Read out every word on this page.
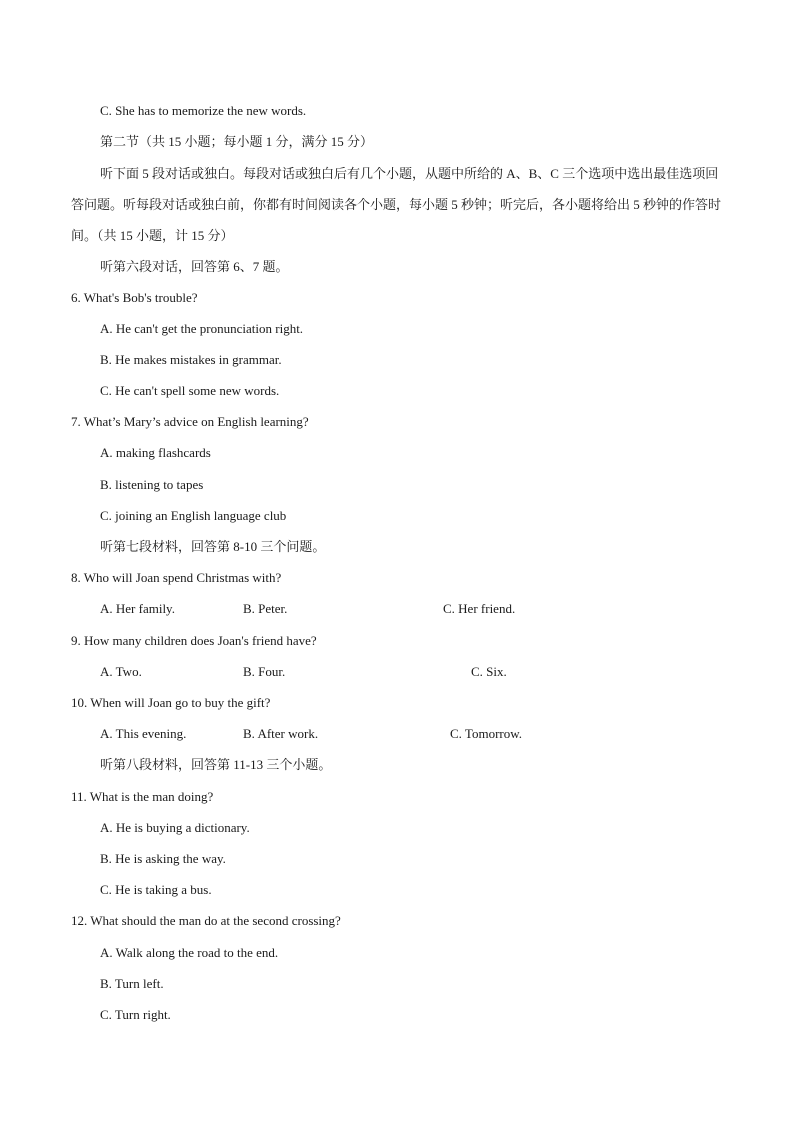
C. She has to memorize the new words.
第二节（共 15 小题；每小题 1 分，满分 15 分）
听下面 5 段对话或独白。每段对话或独白后有几个小题，从题中所给的 A、B、C 三个选项中选出最佳选项回答问题。听每段对话或独白前，你都有时间阅读各个小题，每小题 5 秒钟；听完后，各小题将给出 5 秒钟的作答时间。（共 15 小题，计 15 分）
听第六段对话，回答第 6、7 题。
6. What's Bob's trouble?
A. He can't get the pronunciation right.
B. He makes mistakes in grammar.
C. He can't spell some new words.
7. What’s Mary’s advice on English learning?
A. making flashcards
B. listening to tapes
C. joining an English language club
听第七段材料，回答第 8-10 三个问题。
8. Who will Joan spend Christmas with?
A. Her family.	B. Peter.	C. Her friend.
9. How many children does Joan's friend have?
A. Two.	B. Four.	C. Six.
10. When will Joan go to buy the gift?
A. This evening.	B. After work.	C. Tomorrow.
听第八段材料，回答第 11-13 三个小题。
11. What is the man doing?
A. He is buying a dictionary.
B. He is asking the way.
C. He is taking a bus.
12. What should the man do at the second crossing?
A. Walk along the road to the end.
B. Turn left.
C. Turn right.
